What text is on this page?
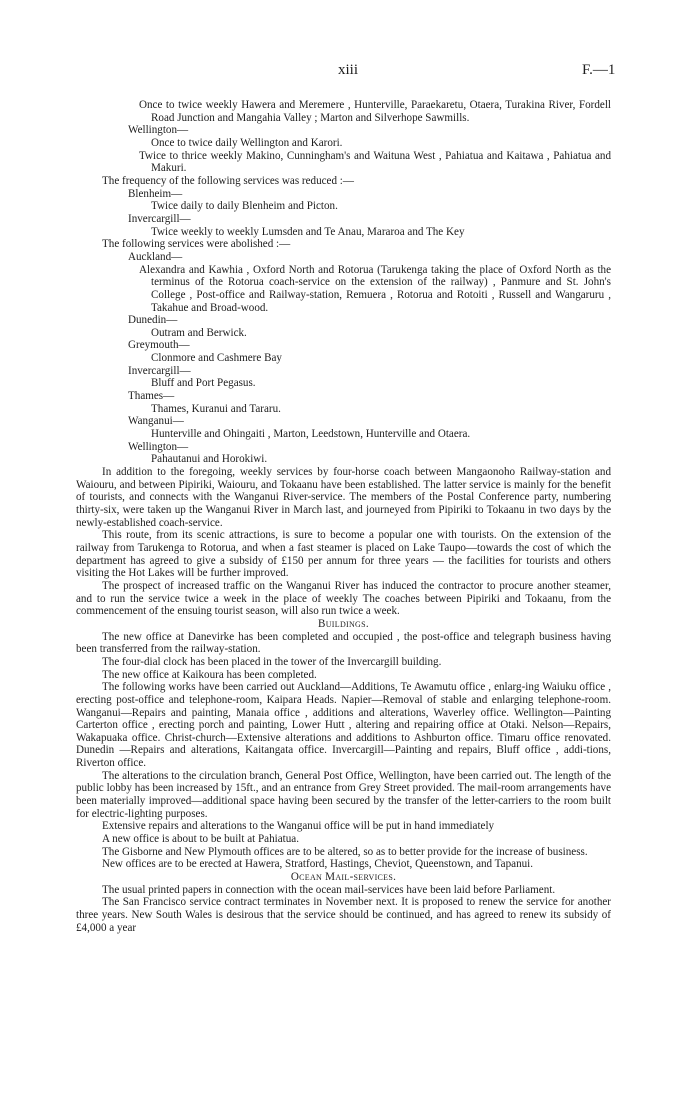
xiii	F.—1

Once to twice weekly Hawera and Meremere , Hunterville, Paraekaretu, Otaera, Turakina River, Fordell Road Junction and Mangahia Valley ; Marton and Silverhope Sawmills.

Wellington—

Once to twice daily Wellington and Karori.

Twice to thrice weekly Makino, Cunningham's and Waituna West , Pahiatua and Kaitawa , Pahiatua and Makuri.

The frequency of the following services was reduced :—

Blenheim—

Twice daily to daily Blenheim and Picton.

Invercargill—

Twice weekly to weekly Lumsden and Te Anau, Mararoa and The Key

The following services were abolished :—

Auckland—

Alexandra and Kawhia , Oxford North and Rotorua (Tarukenga taking the place of Oxford North as the terminus of the Rotorua coach-service on the extension of the railway) , Panmure and St. John's College , Post-office and Railway-station, Remuera , Rotorua and Rotoiti , Russell and Wangaruru , Takahue and Broad-wood.

Dunedin—

Outram and Berwick.

Greymouth—

Clonmore and Cashmere Bay

Invercargill—

Bluff and Port Pegasus.

Thames—

Thames, Kuranui and Tararu.

Wanganui—

Hunterville and Ohingaiti , Marton, Leedstown, Hunterville and Otaera.

Wellington—

Pahautanui and Horokiwi.

In addition to the foregoing, weekly services by four-horse coach between Mangaonoho Railway-station and Waiouru, and between Pipiriki, Waiouru, and Tokaanu have been established. The latter service is mainly for the benefit of tourists, and connects with the Wanganui River-service. The members of the Postal Conference party, numbering thirty-six, were taken up the Wanganui River in March last, and journeyed from Pipiriki to Tokaanu in two days by the newly-established coach-service.

This route, from its scenic attractions, is sure to become a popular one with tourists. On the extension of the railway from Tarukenga to Rotorua, and when a fast steamer is placed on Lake Taupo—towards the cost of which the department has agreed to give a subsidy of £150 per annum for three years — the facilities for tourists and others visiting the Hot Lakes will be further improved.

The prospect of increased traffic on the Wanganui River has induced the contractor to procure another steamer, and to run the service twice a week in the place of weekly The coaches between Pipiriki and Tokaanu, from the commencement of the ensuing tourist season, will also run twice a week.

Buildings.

The new office at Danevirke has been completed and occupied , the post-office and telegraph business having been transferred from the railway-station.

The four-dial clock has been placed in the tower of the Invercargill building.

The new office at Kaikoura has been completed.

The following works have been carried out Auckland—Additions, Te Awamutu office , enlarg-ing Waiuku office , erecting post-office and telephone-room, Kaipara Heads. Napier—Removal of stable and enlarging telephone-room. Wanganui—Repairs and painting, Manaia office , additions and alterations, Waverley office. Wellington—Painting Carterton office , erecting porch and painting, Lower Hutt , altering and repairing office at Otaki. Nelson—Repairs, Wakapuaka office. Christ-church—Extensive alterations and additions to Ashburton office. Timaru office renovated. Dunedin —Repairs and alterations, Kaitangata office. Invercargill—Painting and repairs, Bluff office , addi-tions, Riverton office.

The alterations to the circulation branch, General Post Office, Wellington, have been carried out. The length of the public lobby has been increased by 15ft., and an entrance from Grey Street provided. The mail-room arrangements have been materially improved—additional space having been secured by the transfer of the letter-carriers to the room built for electric-lighting purposes.

Extensive repairs and alterations to the Wanganui office will be put in hand immediately

A new office is about to be built at Pahiatua.

The Gisborne and New Plymouth offices are to be altered, so as to better provide for the increase of business.

New offices are to be erected at Hawera, Stratford, Hastings, Cheviot, Queenstown, and Tapanui.

Ocean Mail-services.

The usual printed papers in connection with the ocean mail-services have been laid before Parliament.

The San Francisco service contract terminates in November next. It is proposed to renew the service for another three years. New South Wales is desirous that the service should be continued, and has agreed to renew its subsidy of £4,000 a year
